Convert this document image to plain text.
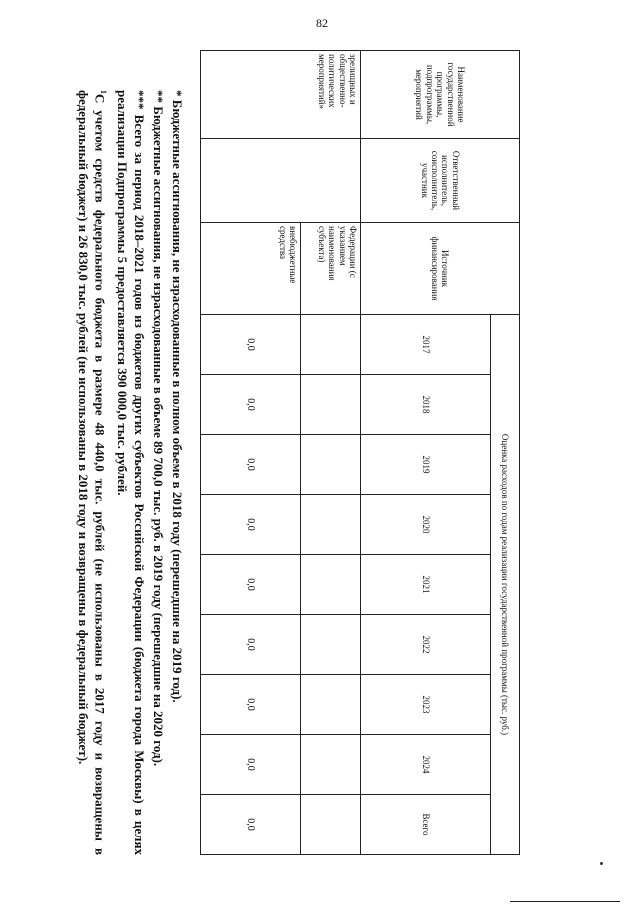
82
Наименование государственной программы, подпрограммы, мероприятий	Ответственный исполнитель, соисполнитель, участник	Источник финансирования	Оценка расходов по годам реализации государственной программы (тыс. руб.)								
			2017	2018	2019	2020	2021	2022	2023	2024	Всего
зрелищных и общественно-политических мероприятий»		Федерации (с указанием наименования субъекта)									
		внебюджетные средства	0,0	0,0	0,0	0,0	0,0	0,0	0,0	0,0	0,0

* Бюджетные ассигнования, не израсходованные в полном объеме в 2018 году (перешедшие на 2019 год).

** Бюджетные ассигнования, не израсходованные в объеме 89 700,0 тыс. руб. в 2019 году (перешедшие на 2020 год).

*** Всего за период 2018–2021 годов из бюджетов других субъектов Российской Федерации (бюджета города Москвы) в целях реализации Подпрограммы 5 предоставляется 390 000,0 тыс. рублей.

$^1$С учетом средств федерального бюджета в размере 48 440,0 тыс. рублей (не использованы в 2017 году и возвращены в федеральный бюджет) и 26 830,0 тыс. рублей (не использованы в 2018 году и возвращены в федеральный бюджет).
